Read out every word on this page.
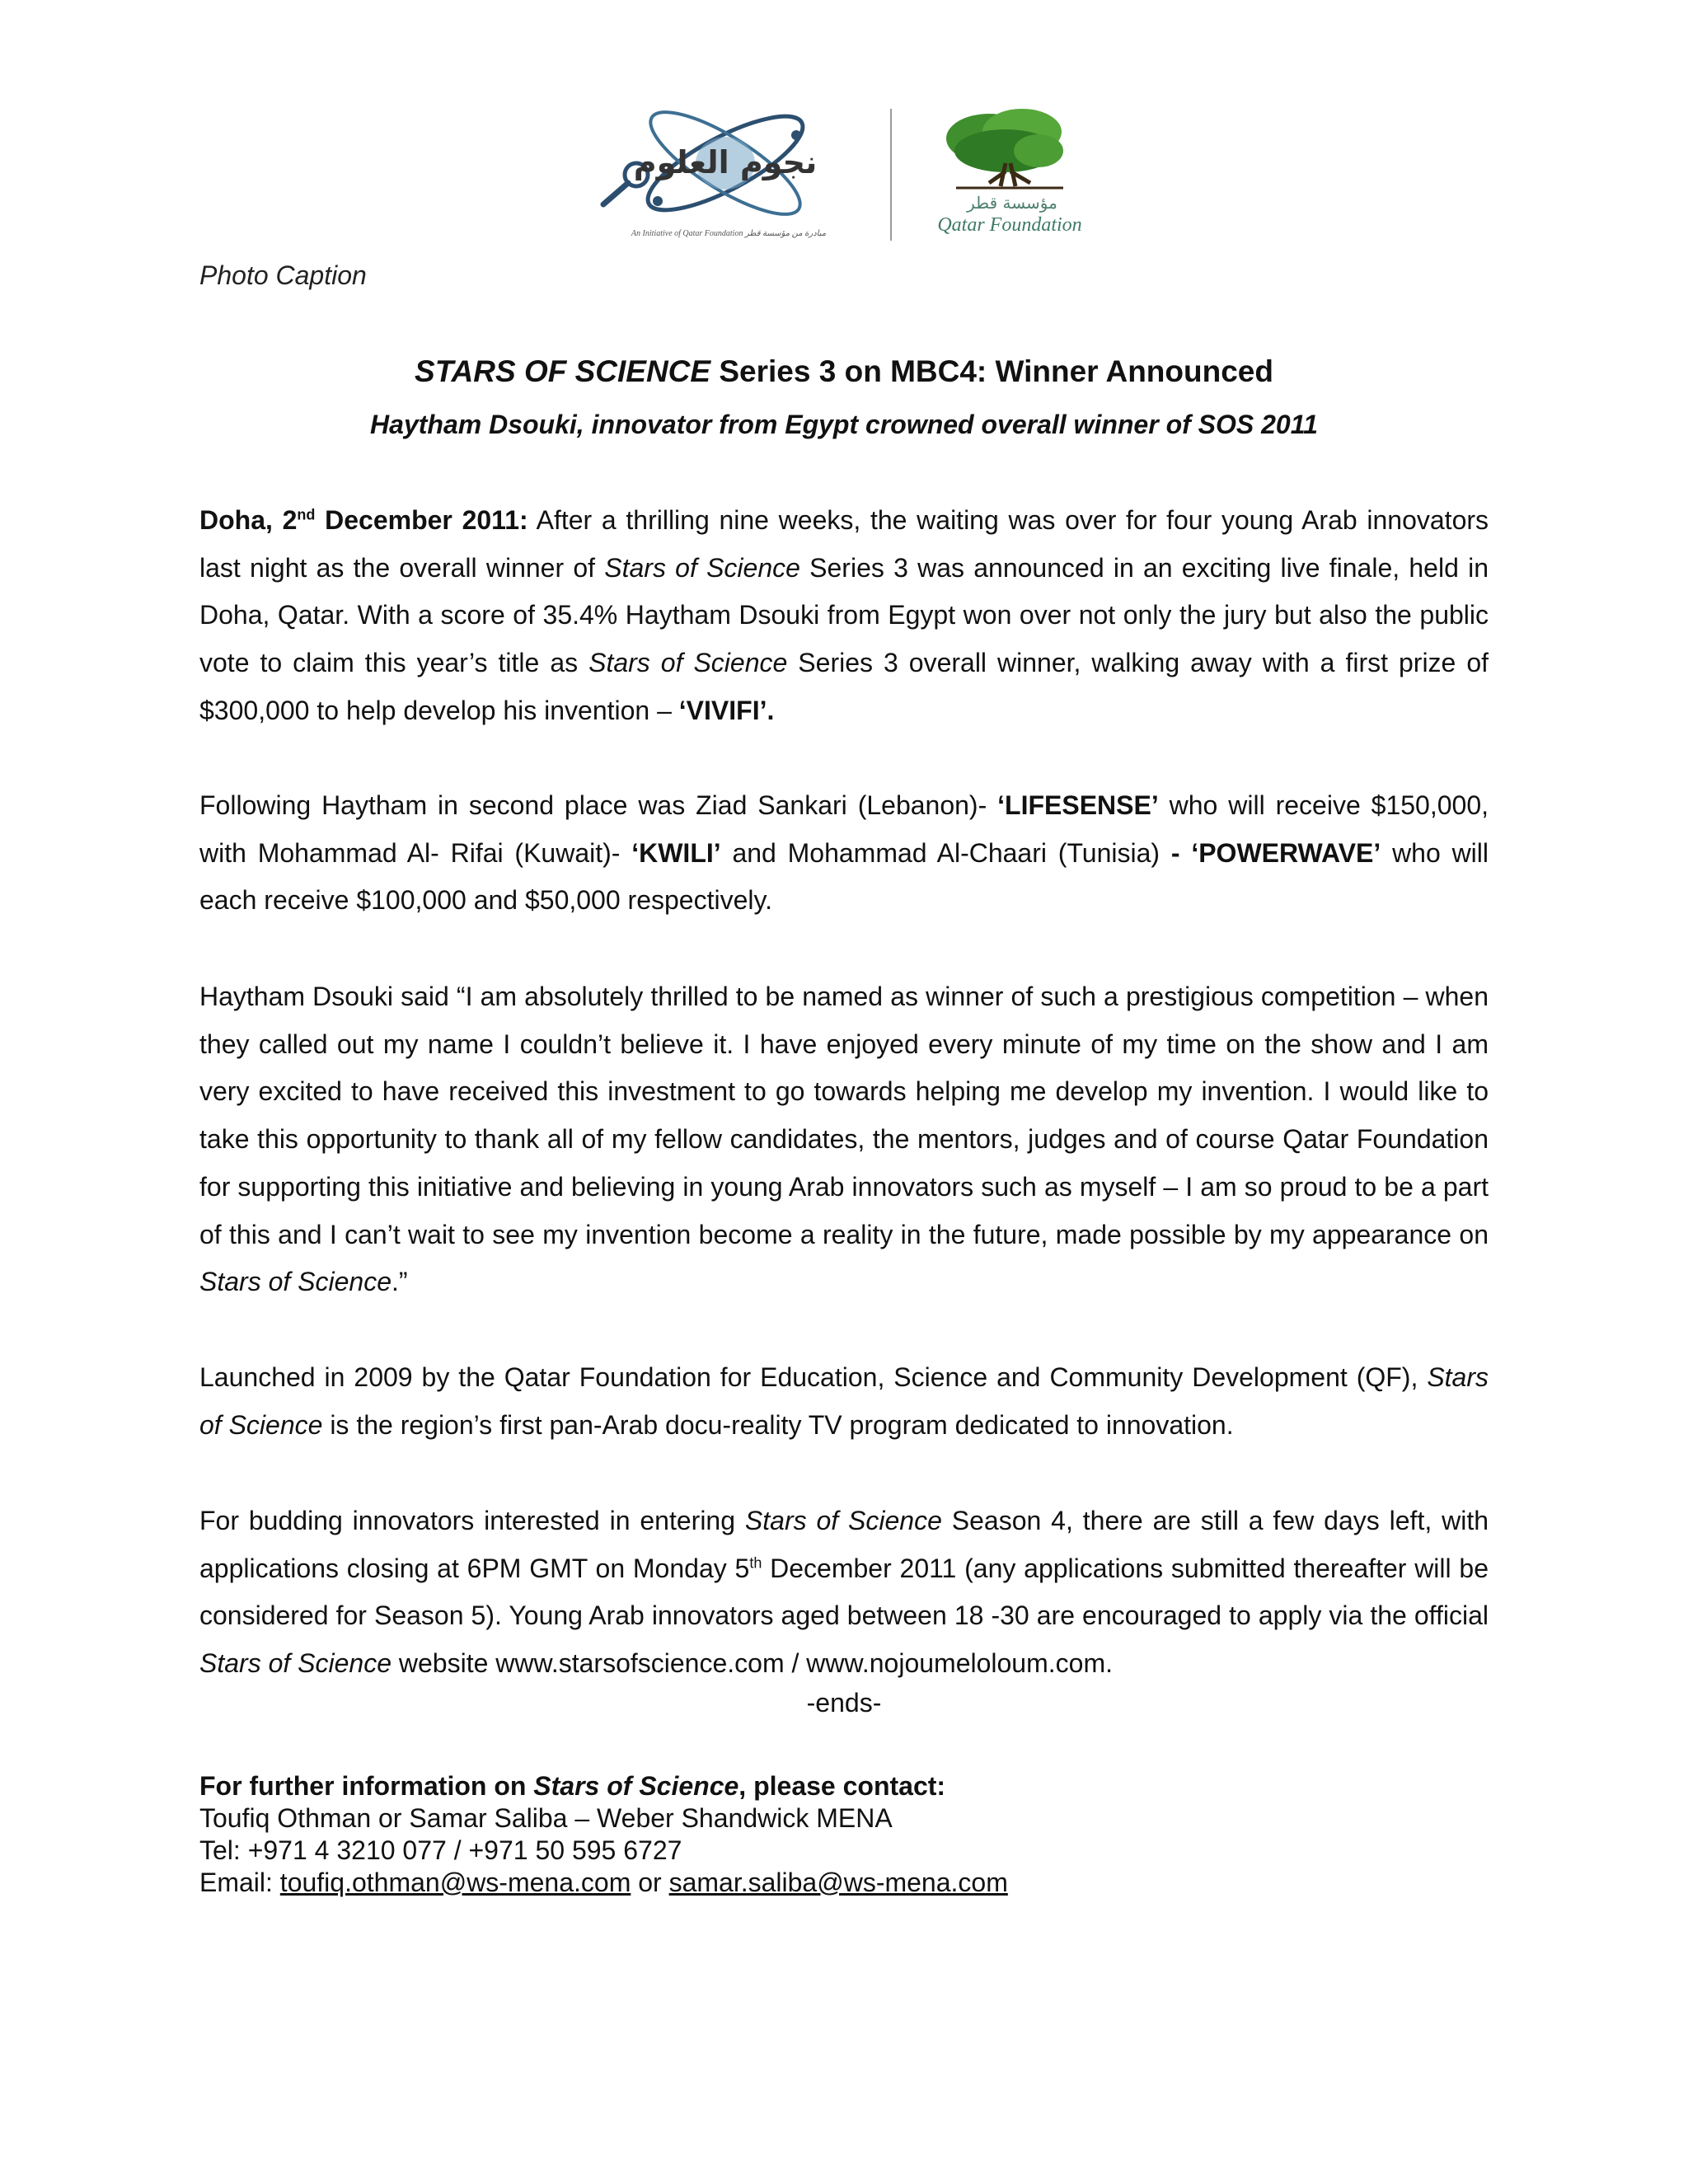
نجوم العلوم
An Initiative of Qatar Foundation مبادرة من مؤسسة قطر
مؤسسة قطر
Qatar Foundation
Photo Caption
STARS OF SCIENCE Series 3 on MBC4: Winner Announced
Haytham Dsouki, innovator from Egypt crowned overall winner of SOS 2011
Doha, 2nd December 2011: After a thrilling nine weeks, the waiting was over for four young Arab innovators last night as the overall winner of Stars of Science Series 3 was announced in an exciting live finale, held in Doha, Qatar. With a score of 35.4% Haytham Dsouki from Egypt won over not only the jury but also the public vote to claim this year’s title as Stars of Science Series 3 overall winner, walking away with a first prize of $300,000 to help develop his invention – ‘VIVIFI’.
Following Haytham in second place was Ziad Sankari (Lebanon)- ‘LIFESENSE’ who will receive $150,000, with Mohammad Al- Rifai (Kuwait)- ‘KWILI’ and Mohammad Al-Chaari (Tunisia) - ‘POWERWAVE’ who will each receive $100,000 and $50,000 respectively.
Haytham Dsouki said “I am absolutely thrilled to be named as winner of such a prestigious competition – when they called out my name I couldn’t believe it. I have enjoyed every minute of my time on the show and I am very excited to have received this investment to go towards helping me develop my invention. I would like to take this opportunity to thank all of my fellow candidates, the mentors, judges and of course Qatar Foundation for supporting this initiative and believing in young Arab innovators such as myself – I am so proud to be a part of this and I can’t wait to see my invention become a reality in the future, made possible by my appearance on Stars of Science.”
Launched in 2009 by the Qatar Foundation for Education, Science and Community Development (QF), Stars of Science is the region’s first pan-Arab docu-reality TV program dedicated to innovation.
For budding innovators interested in entering Stars of Science Season 4, there are still a few days left, with applications closing at 6PM GMT on Monday 5th December 2011 (any applications submitted thereafter will be considered for Season 5). Young Arab innovators aged between 18 -30 are encouraged to apply via the official Stars of Science website www.starsofscience.com / www.nojoumeloloum.com.
-ends-
For further information on Stars of Science, please contact:
Toufiq Othman or Samar Saliba – Weber Shandwick MENA
Tel: +971 4 3210 077 / +971 50 595 6727
Email: toufiq.othman@ws-mena.com or samar.saliba@ws-mena.com
